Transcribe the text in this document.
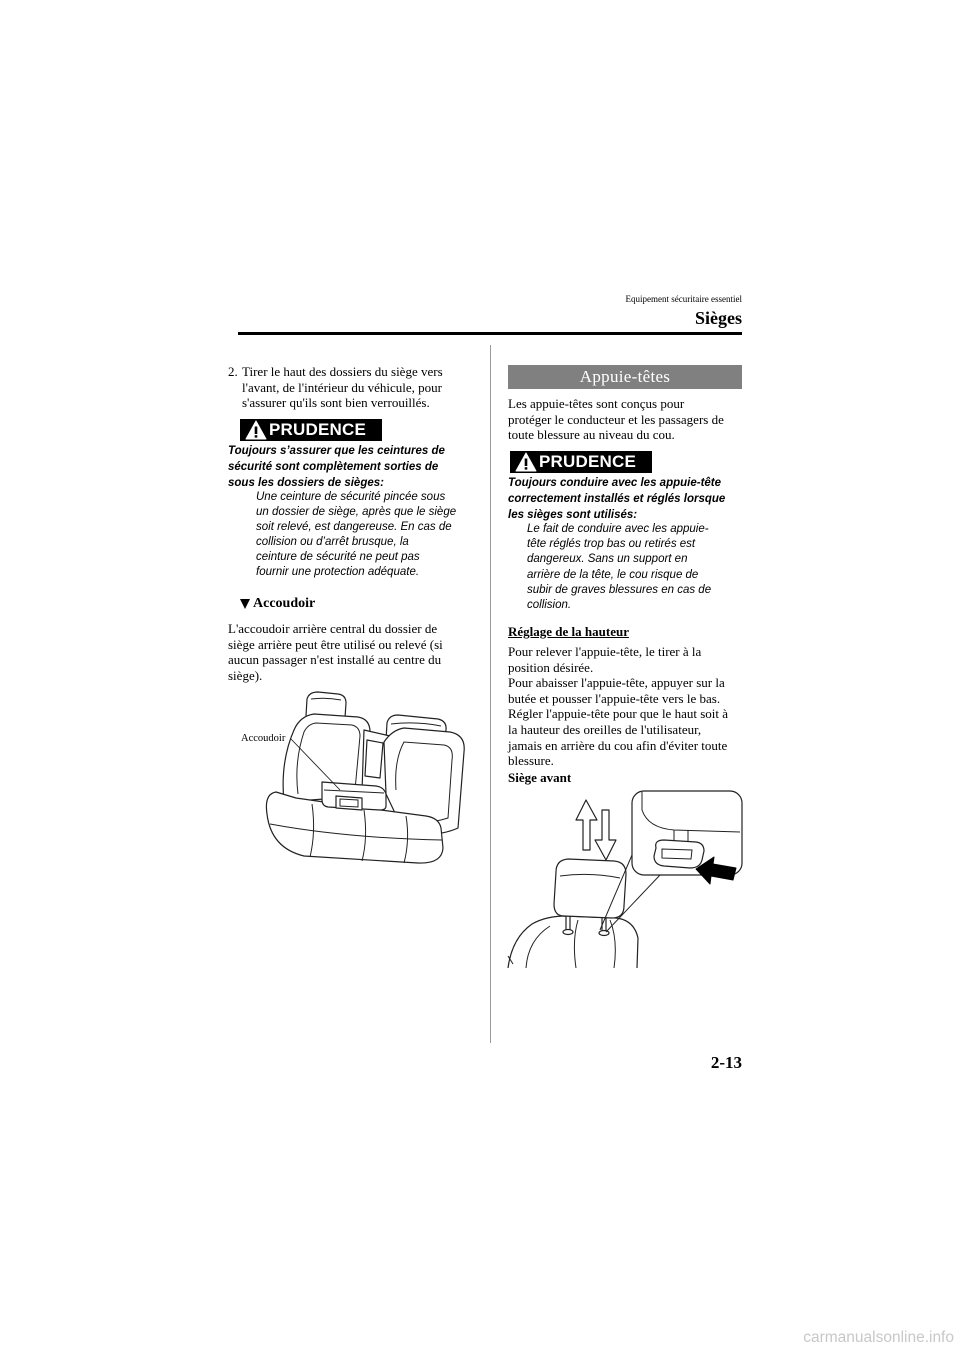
Equipement sécuritaire essentiel
Sièges
2. Tirer le haut des dossiers du siège vers
l'avant, de l'intérieur du véhicule, pour
s'assurer qu'ils sont bien verrouillés.
PRUDENCE
Toujours s’assurer que les ceintures de
sécurité sont complètement sorties de
sous les dossiers de sièges:
Une ceinture de sécurité pincée sous
un dossier de siège, après que le siège
soit relevé, est dangereuse. En cas de
collision ou d’arrêt brusque, la
ceinture de sécurité ne peut pas
fournir une protection adéquate.
Accoudoir
L'accoudoir arrière central du dossier de
siège arrière peut être utilisé ou relevé (si
aucun passager n'est installé au centre du
siège).
Accoudoir
Appuie-têtes
Les appuie-têtes sont conçus pour
protéger le conducteur et les passagers de
toute blessure au niveau du cou.
PRUDENCE
Toujours conduire avec les appuie-tête
correctement installés et réglés lorsque
les sièges sont utilisés:
Le fait de conduire avec les appuie-
tête réglés trop bas ou retirés est
dangereux. Sans un support en
arrière de la tête, le cou risque de
subir de graves blessures en cas de
collision.
Réglage de la hauteur
Pour relever l'appuie-tête, le tirer à la
position désirée.
Pour abaisser l'appuie-tête, appuyer sur la
butée et pousser l'appuie-tête vers le bas.
Régler l'appuie-tête pour que le haut soit à
la hauteur des oreilles de l'utilisateur,
jamais en arrière du cou afin d'éviter toute
blessure.
Siège avant
2-13
carmanualsonline.info
